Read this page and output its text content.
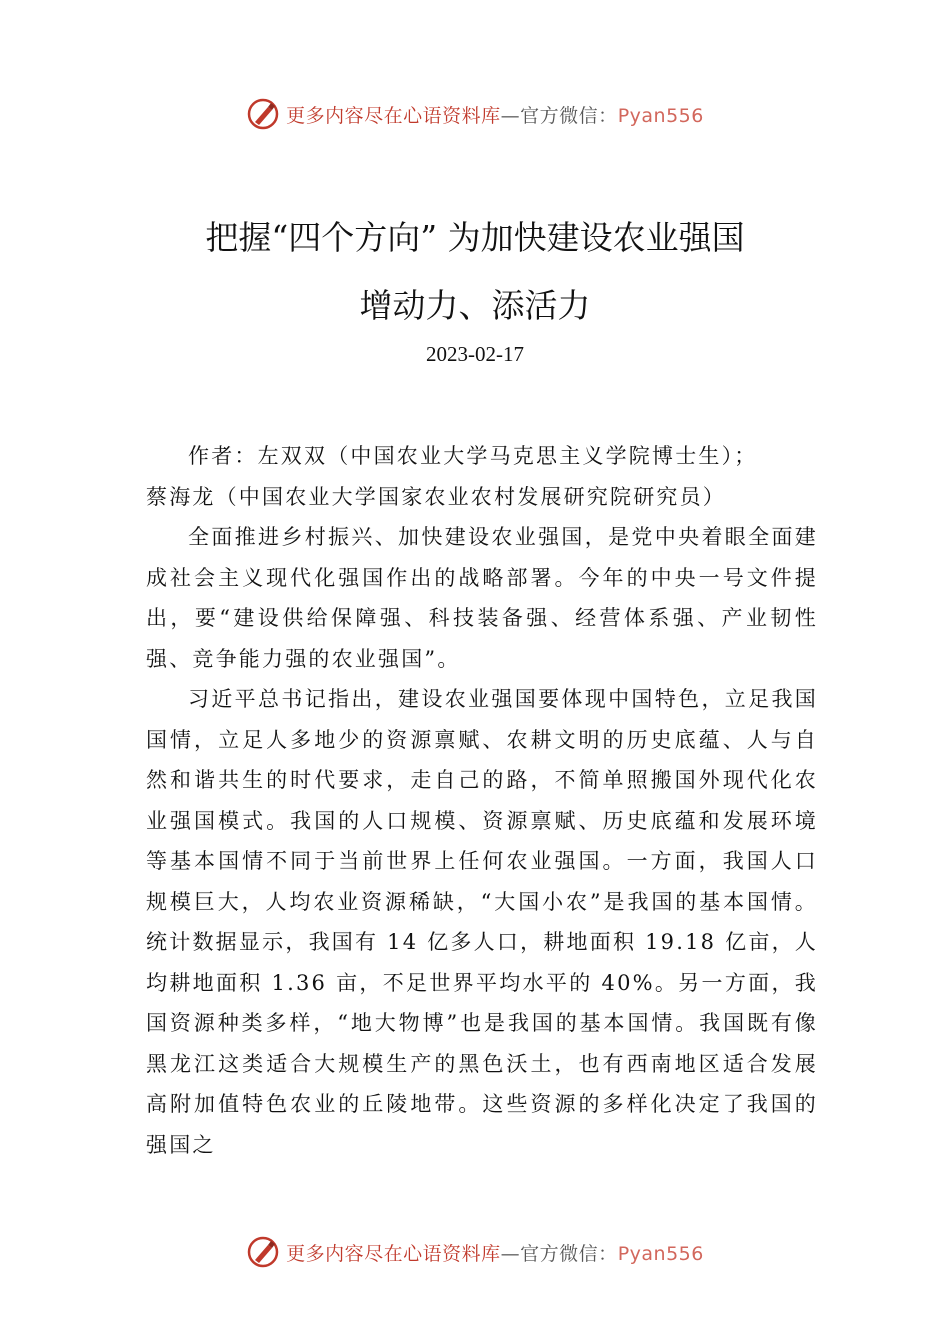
更多内容尽在心语资料库—官方微信：Pyan556
把握“四个方向” 为加快建设农业强国
增动力、添活力
2023-02-17

作者：左双双（中国农业大学马克思主义学院博士生）；
蔡海龙（中国农业大学国家农业农村发展研究院研究员）

全面推进乡村振兴、加快建设农业强国，是党中央着眼全面建成社会主义现代化强国作出的战略部署。今年的中央一号文件提出，要“建设供给保障强、科技装备强、经营体系强、产业韧性强、竞争能力强的农业强国”。

习近平总书记指出，建设农业强国要体现中国特色，立足我国国情，立足人多地少的资源禀赋、农耕文明的历史底蕴、人与自然和谐共生的时代要求，走自己的路，不简单照搬国外现代化农业强国模式。我国的人口规模、资源禀赋、历史底蕴和发展环境等基本国情不同于当前世界上任何农业强国。一方面，我国人口规模巨大，人均农业资源稀缺，“大国小农”是我国的基本国情。统计数据显示，我国有 14 亿多人口，耕地面积 19.18 亿亩，人均耕地面积 1.36 亩，不足世界平均水平的 40%。另一方面，我国资源种类多样，“地大物博”也是我国的基本国情。我国既有像黑龙江这类适合大规模生产的黑色沃土，也有西南地区适合发展高附加值特色农业的丘陵地带。这些资源的多样化决定了我国的强国之

更多内容尽在心语资料库—官方微信：Pyan556
